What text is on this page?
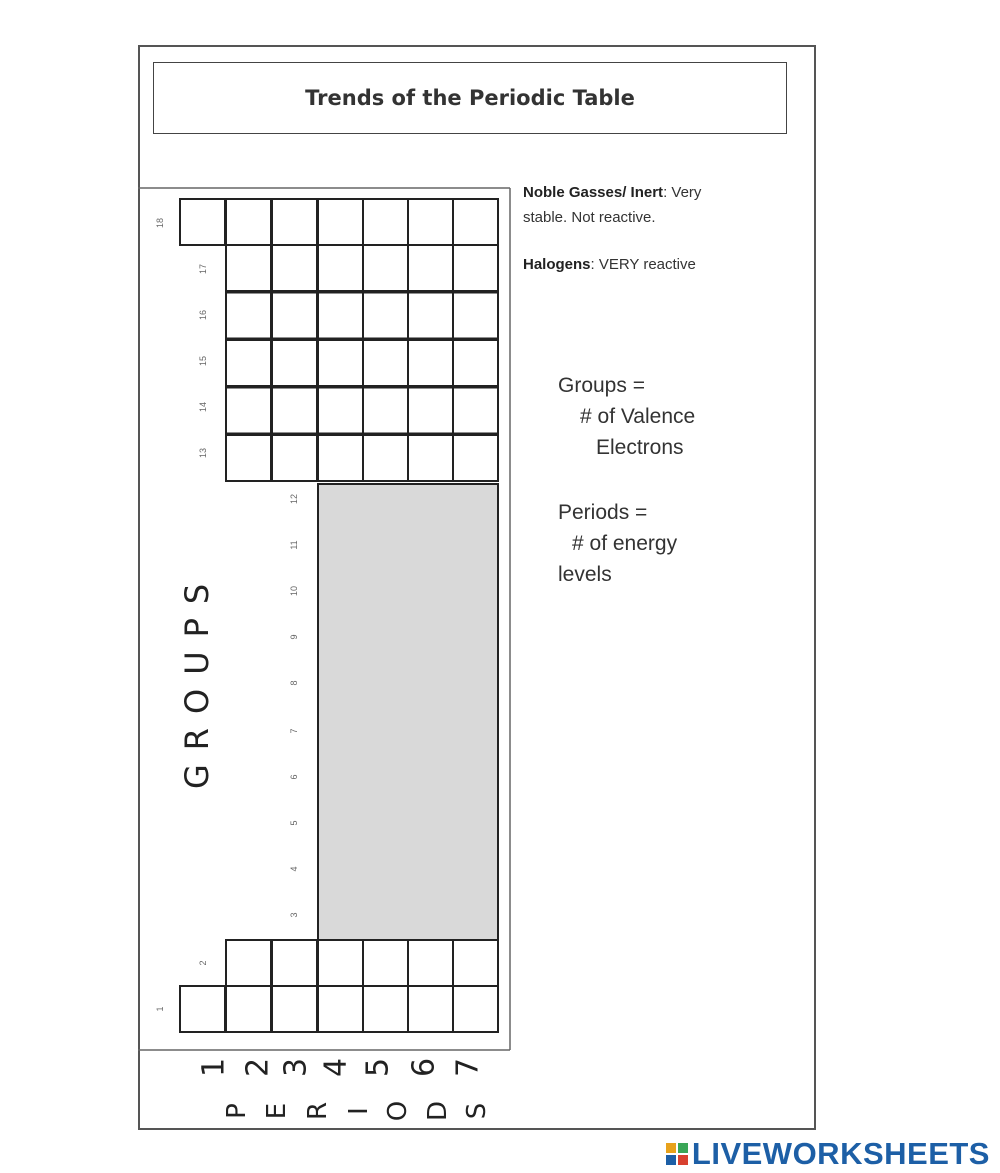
Trends of the Periodic Table
18
17
16
15
14
13
12
11
10
9
8
7
6
5
4
3
2
1
GROUPS
Noble Gasses/ Inert: Very
stable. Not reactive.
Halogens: VERY reactive
Groups =
# of Valence
Electrons
Periods =
# of energy
levels
1 2 3 4 5 6 7
P E R I O D S
LIVEWORKSHEETS
